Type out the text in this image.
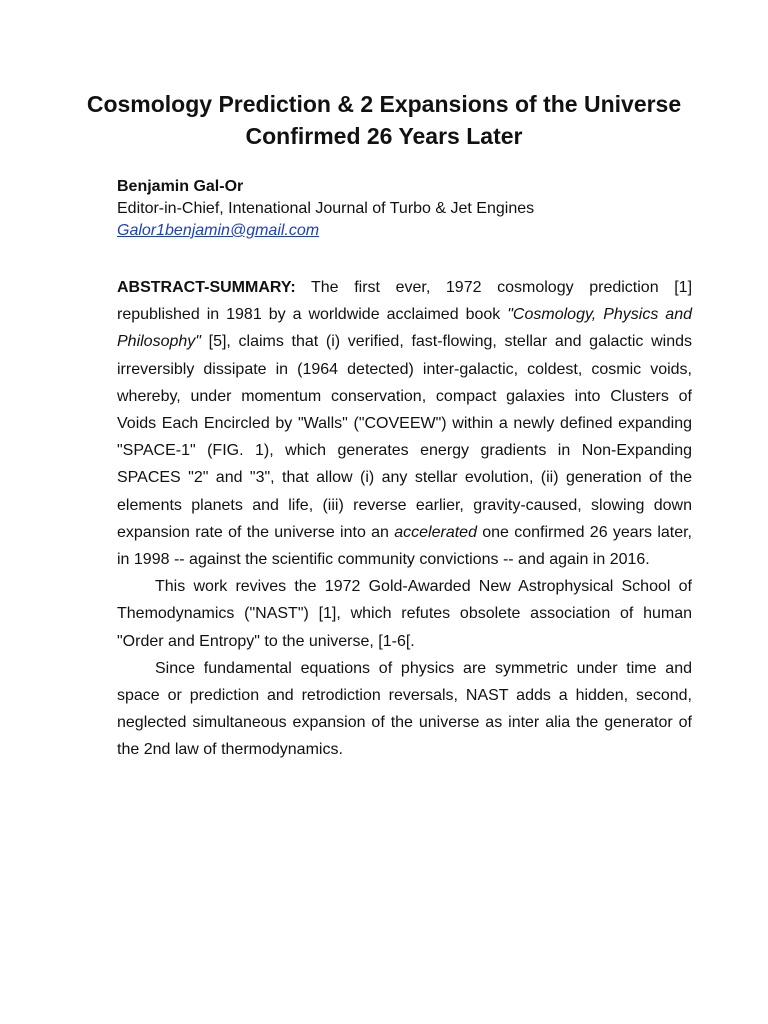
Cosmology Prediction & 2 Expansions of the Universe
Confirmed 26 Years Later
Benjamin Gal-Or
Editor-in-Chief, Intenational Journal of Turbo & Jet Engines
Galor1benjamin@gmail.com

ABSTRACT-SUMMARY: The first ever, 1972 cosmology prediction [1] republished in 1981 by a worldwide acclaimed book "Cosmology, Physics and Philosophy" [5], claims that (i) verified, fast-flowing, stellar and galactic winds irreversibly dissipate in (1964 detected) inter-galactic, coldest, cosmic voids, whereby, under momentum conservation, compact galaxies into Clusters of Voids Each Encircled by "Walls" ("COVEEW") within a newly defined expanding "SPACE-1" (FIG. 1), which generates energy gradients in Non-Expanding SPACES "2" and "3", that allow (i) any stellar evolution, (ii) generation of the elements planets and life, (iii) reverse earlier, gravity-caused, slowing down expansion rate of the universe into an accelerated one confirmed 26 years later, in 1998 -- against the scientific community convictions -- and again in 2016.

This work revives the 1972 Gold-Awarded New Astrophysical School of Themodynamics ("NAST") [1], which refutes obsolete association of human "Order and Entropy" to the universe, [1-6[.

Since fundamental equations of physics are symmetric under time and space or prediction and retrodiction reversals, NAST adds a hidden, second, neglected simultaneous expansion of the universe as inter alia the generator of the 2nd law of thermodynamics.
